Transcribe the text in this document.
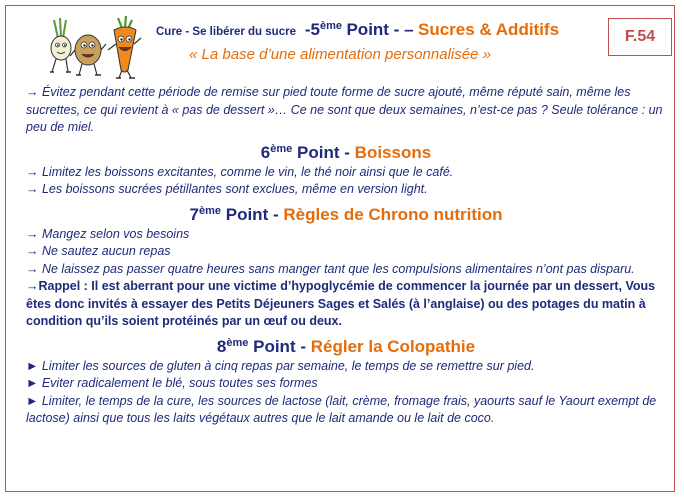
Cure - Se libérer du sucre -5ème Point - – Sucres & Additifs	F.54
« La base d’une alimentation personnalisée »
→ Évitez pendant cette période de remise sur pied toute forme de sucre ajouté, même réputé sain, même les sucrettes, ce qui revient à « pas de dessert »… Ce ne sont que deux semaines, n’est-ce pas ? Seule tolérance : un peu de miel.
6ème Point - Boissons
→ Limitez les boissons excitantes, comme le vin, le thé noir ainsi que le café.
→ Les boissons sucrées pétillantes sont exclues, même en version light.
7ème Point - Règles de Chrono nutrition
→ Mangez selon vos besoins
→ Ne sautez aucun repas
→ Ne laissez pas passer quatre heures sans manger tant que les compulsions alimentaires n’ont pas disparu.
→Rappel : Il est aberrant pour une victime d’hypoglycémie de commencer la journée par un dessert, Vous êtes donc invités à essayer des Petits Déjeuners Sages et Salés (à l’anglaise) ou des potages du matin à condition qu’ils soient protéinés par un œuf ou deux.
8ème Point - Régler la Colopathie
► Limiter les sources de gluten à cinq repas par semaine, le temps de se remettre sur pied.
► Eviter radicalement le blé, sous toutes ses formes
► Limiter, le temps de la cure, les sources de lactose (lait, crème, fromage frais, yaourts sauf le Yaourt exempt de lactose) ainsi que tous les laits végétaux autres que le lait amande ou le lait de coco.
